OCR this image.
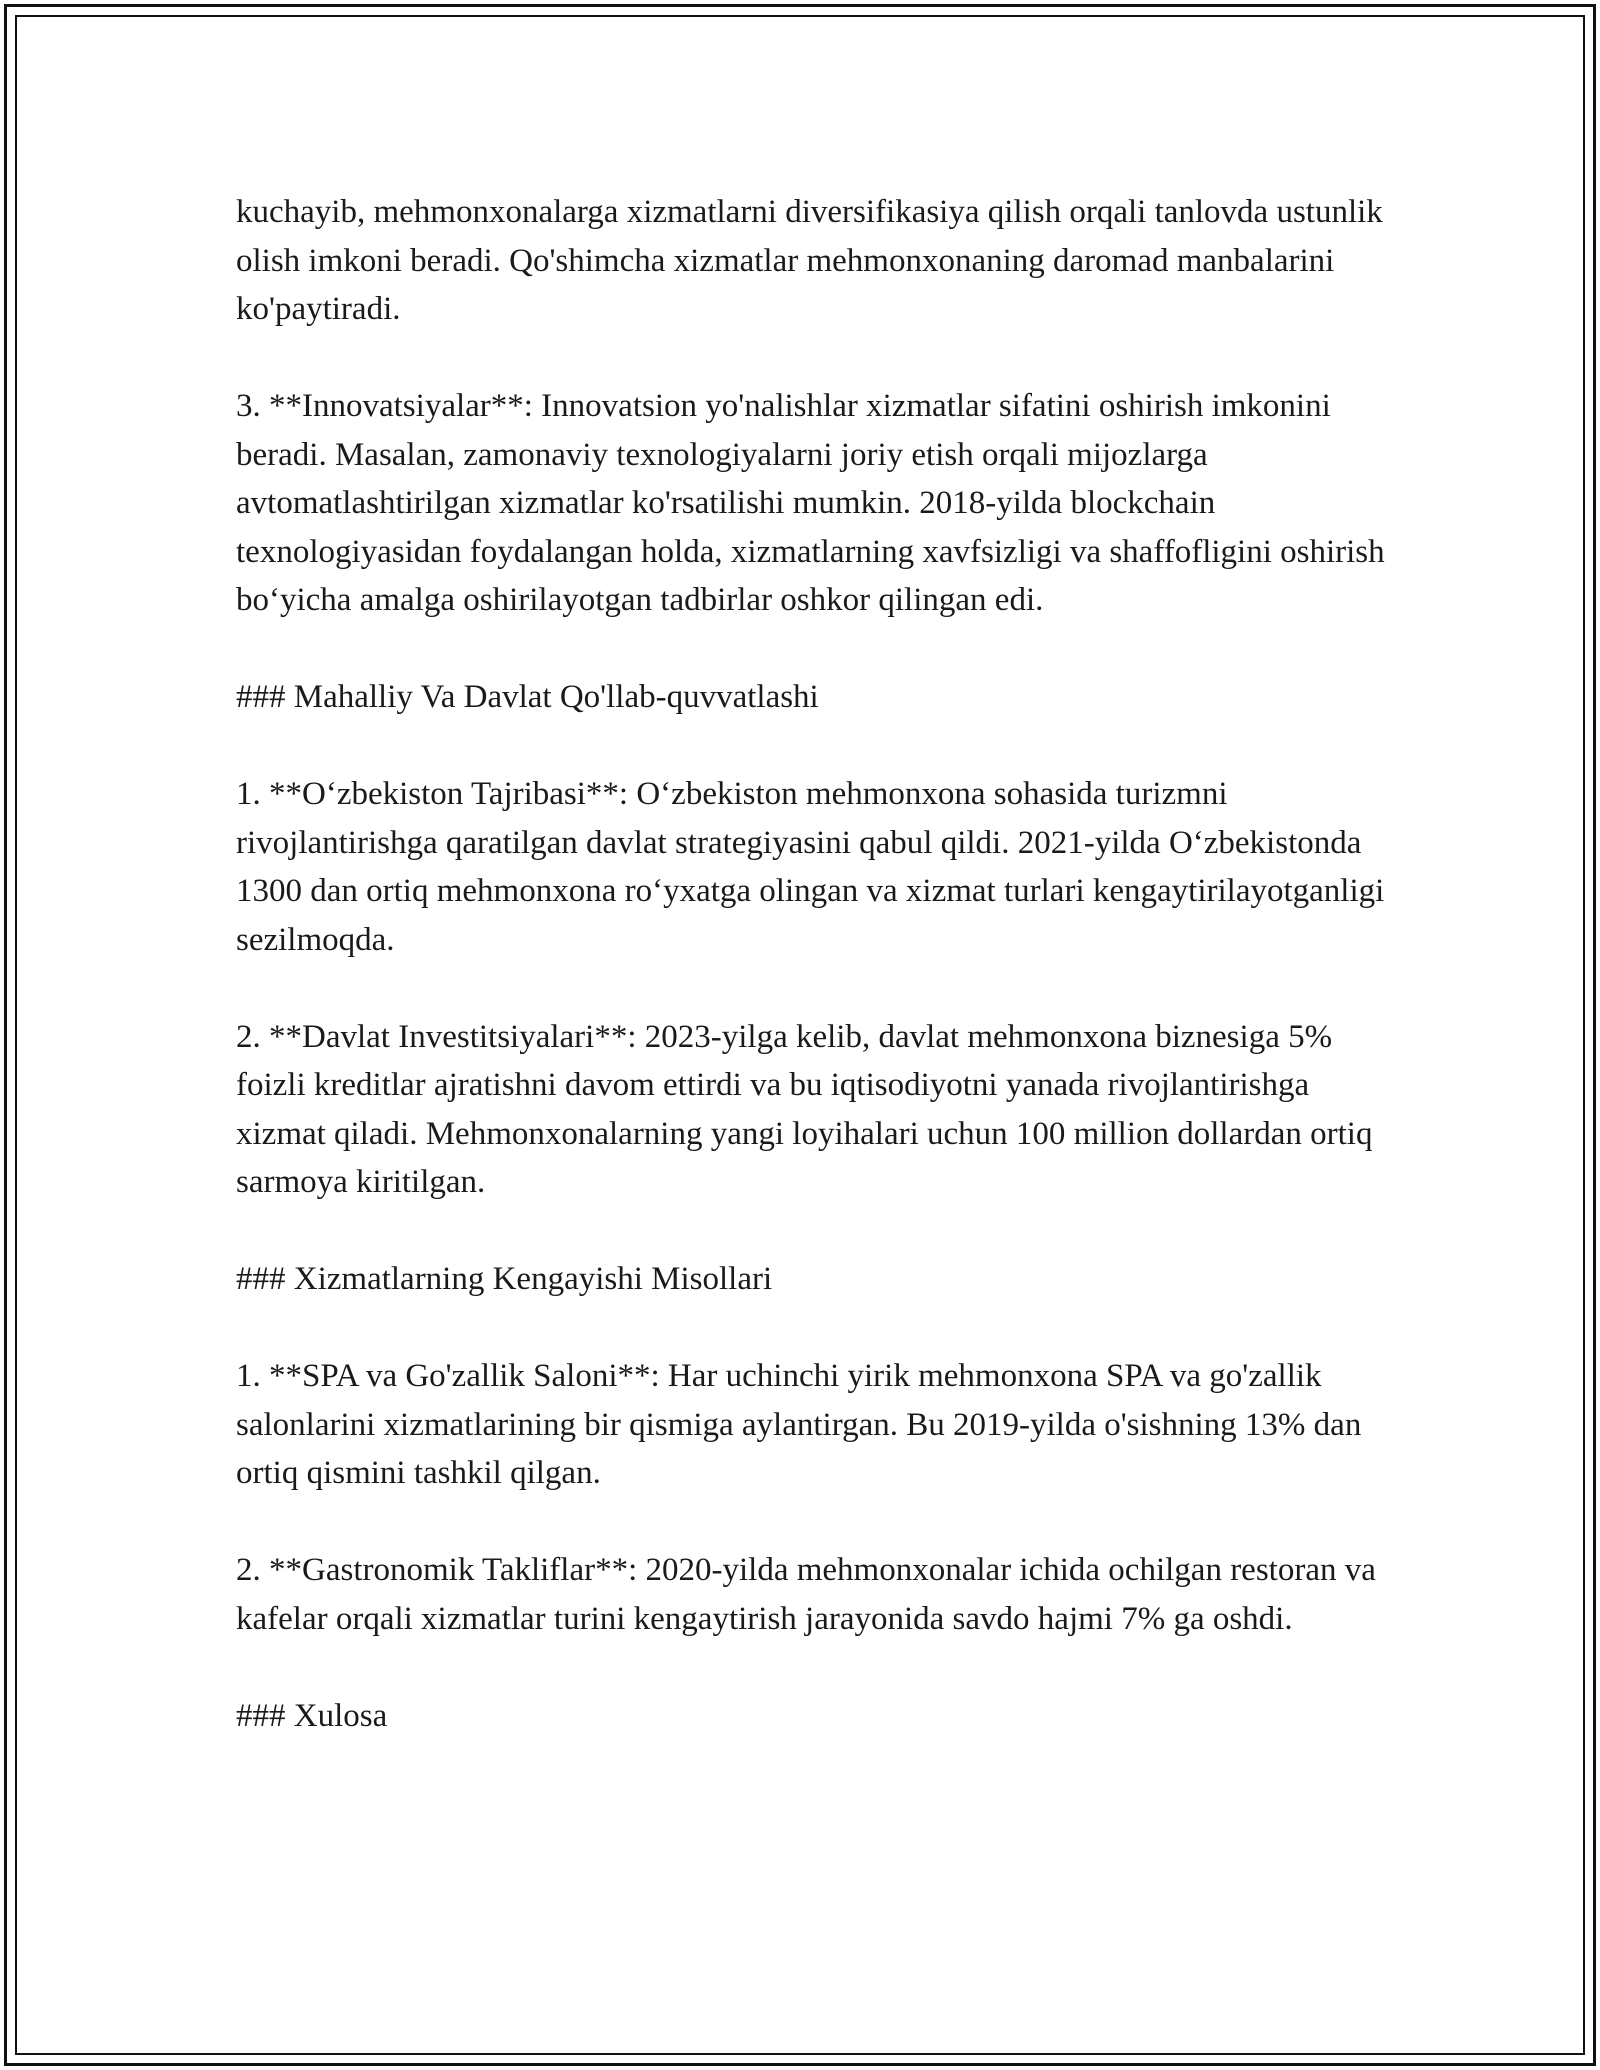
kuchayib, mehmonxonalarga xizmatlarni diversifikasiya qilish orqali tanlovda ustunlik olish imkoni beradi. Qo'shimcha xizmatlar mehmonxonaning daromad manbalarini ko'paytiradi.

3. **Innovatsiyalar**: Innovatsion yo'nalishlar xizmatlar sifatini oshirish imkonini beradi. Masalan, zamonaviy texnologiyalarni joriy etish orqali mijozlarga avtomatlashtirilgan xizmatlar ko'rsatilishi mumkin. 2018-yilda blockchain texnologiyasidan foydalangan holda, xizmatlarning xavfsizligi va shaffofligini oshirish bo‘yicha amalga oshirilayotgan tadbirlar oshkor qilingan edi.

### Mahalliy Va Davlat Qo'llab-quvvatlashi

1. **O‘zbekiston Tajribasi**: O‘zbekiston mehmonxona sohasida turizmni rivojlantirishga qaratilgan davlat strategiyasini qabul qildi. 2021-yilda O‘zbekistonda 1300 dan ortiq mehmonxona ro‘yxatga olingan va xizmat turlari kengaytirilayotganligi sezilmoqda.

2. **Davlat Investitsiyalari**: 2023-yilga kelib, davlat mehmonxona biznesiga 5% foizli kreditlar ajratishni davom ettirdi va bu iqtisodiyotni yanada rivojlantirishga xizmat qiladi. Mehmonxonalarning yangi loyihalari uchun 100 million dollardan ortiq sarmoya kiritilgan.

### Xizmatlarning Kengayishi Misollari

1. **SPA va Go'zallik Saloni**: Har uchinchi yirik mehmonxona SPA va go'zallik salonlarini xizmatlarining bir qismiga aylantirgan. Bu 2019-yilda o'sishning 13% dan ortiq qismini tashkil qilgan.

2. **Gastronomik Takliflar**: 2020-yilda mehmonxonalar ichida ochilgan restoran va kafelar orqali xizmatlar turini kengaytirish jarayonida savdo hajmi 7% ga oshdi.

### Xulosa
